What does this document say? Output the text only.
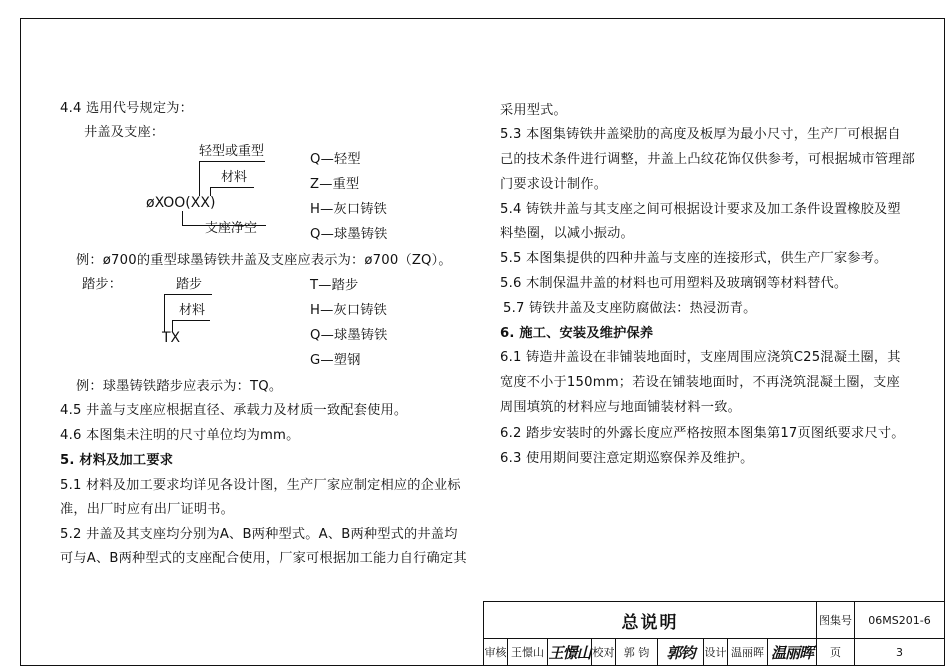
4.4 选用代号规定为：
井盖及支座：
轻型或重型
材料
øXOO(XX)
支座净空
Q—轻型
Z—重型
H—灰口铸铁
Q—球墨铸铁
例：ø700的重型球墨铸铁井盖及支座应表示为：ø700（ZQ）。
踏步：	踏步
材料
TX
T—踏步
H—灰口铸铁
Q—球墨铸铁
G—塑钢
例：球墨铸铁踏步应表示为：TQ。
4.5 井盖与支座应根据直径、承载力及材质一致配套使用。
4.6 本图集未注明的尺寸单位均为mm。
5. 材料及加工要求
5.1 材料及加工要求均详见各设计图，生产厂家应制定相应的企业标
准，出厂时应有出厂证明书。
5.2 井盖及其支座均分别为A、B两种型式。A、B两种型式的井盖均
可与A、B两种型式的支座配合使用，厂家可根据加工能力自行确定其
采用型式。
5.3 本图集铸铁井盖梁肋的高度及板厚为最小尺寸，生产厂可根据自
己的技术条件进行调整，井盖上凸纹花饰仅供参考，可根据城市管理部
门要求设计制作。
5.4 铸铁井盖与其支座之间可根据设计要求及加工条件设置橡胶及塑
料垫圈，以减小振动。
5.5 本图集提供的四种井盖与支座的连接形式，供生产厂家参考。
5.6 木制保温井盖的材料也可用塑料及玻璃钢等材料替代。
5.7 铸铁井盖及支座防腐做法：热浸沥青。
6. 施工、安装及维护保养
6.1 铸造井盖设在非铺装地面时，支座周围应浇筑C25混凝土圈，其
宽度不小于150mm；若设在铺装地面时，不再浇筑混凝土圈，支座
周围填筑的材料应与地面铺装材料一致。
6.2 踏步安装时的外露长度应严格按照本图集第17页图纸要求尺寸。
6.3 使用期间要注意定期巡察保养及维护。
总说明	图集号	06MS201-6
审核 王憬山 王憬山 校对 郭 钧	郭钧 设计 温丽晖 温丽晖	页	3
